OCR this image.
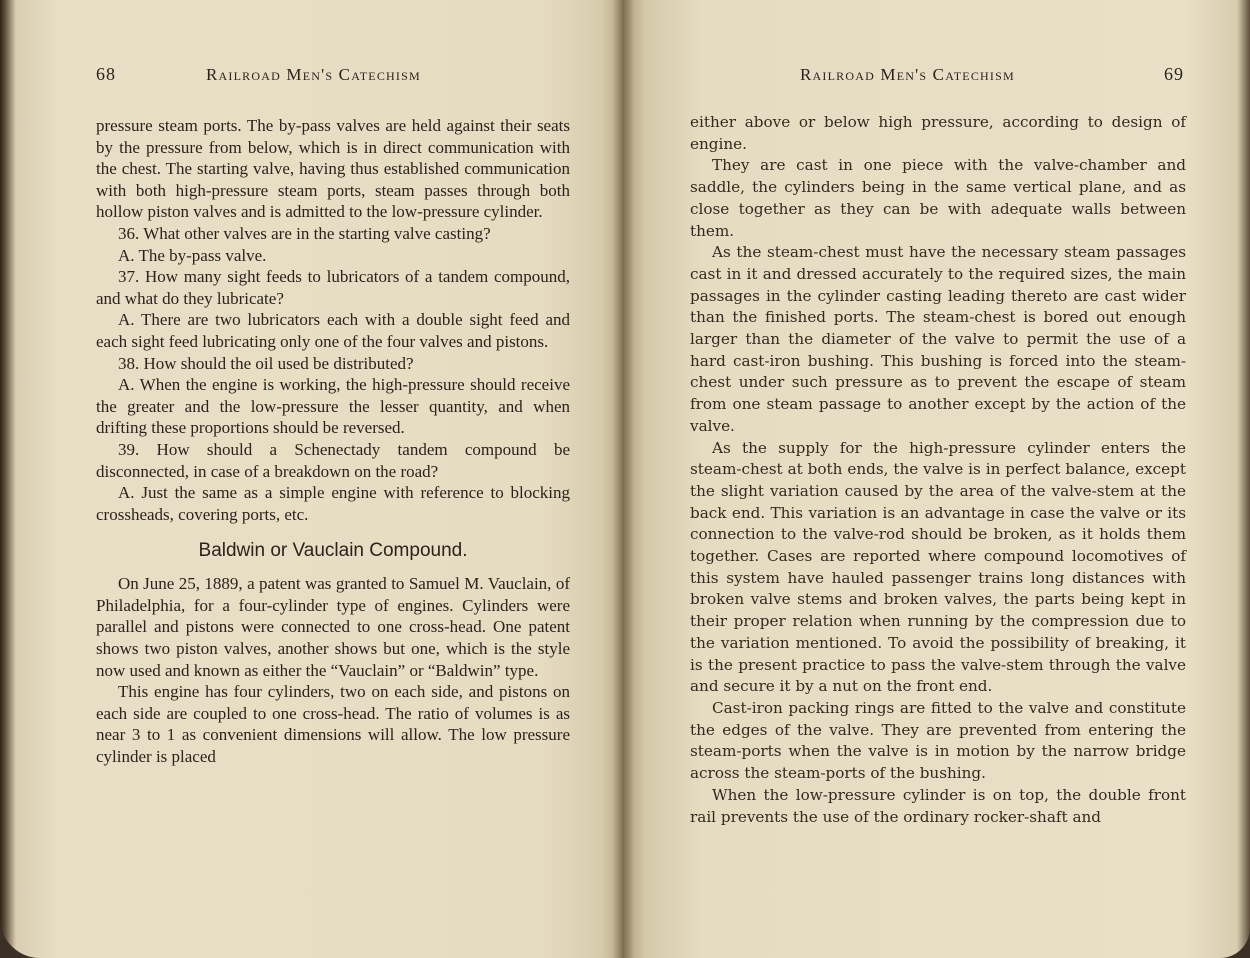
68	Railroad Men's Catechism

pressure steam ports. The by-pass valves are held against their seats by the pressure from below, which is in direct communication with the chest. The starting valve, having thus established communication with both high-pressure steam ports, steam passes through both hollow piston valves and is admitted to the low-pressure cylinder.

36. What other valves are in the starting valve casting?

A. The by-pass valve.

37. How many sight feeds to lubricators of a tandem compound, and what do they lubricate?

A. There are two lubricators each with a double sight feed and each sight feed lubricating only one of the four valves and pistons.

38. How should the oil used be distributed?

A. When the engine is working, the high-pressure should receive the greater and the low-pressure the lesser quantity, and when drifting these proportions should be reversed.

39. How should a Schenectady tandem compound be disconnected, in case of a breakdown on the road?

A. Just the same as a simple engine with reference to blocking crossheads, covering ports, etc.

Baldwin or Vauclain Compound.

On June 25, 1889, a patent was granted to Samuel M. Vauclain, of Philadelphia, for a four-cylinder type of engines. Cylinders were parallel and pistons were connected to one cross-head. One patent shows two piston valves, another shows but one, which is the style now used and known as either the “Vauclain” or “Baldwin” type.

This engine has four cylinders, two on each side, and pistons on each side are coupled to one cross-head. The ratio of volumes is as near 3 to 1 as convenient dimensions will allow. The low pressure cylinder is placed

Railroad Men's Catechism	69

either above or below high pressure, according to design of engine.

They are cast in one piece with the valve-chamber and saddle, the cylinders being in the same vertical plane, and as close together as they can be with adequate walls between them.

As the steam-chest must have the necessary steam passages cast in it and dressed accurately to the required sizes, the main passages in the cylinder casting leading thereto are cast wider than the finished ports. The steam-chest is bored out enough larger than the diameter of the valve to permit the use of a hard cast-iron bushing. This bushing is forced into the steam-chest under such pressure as to prevent the escape of steam from one steam passage to another except by the action of the valve.

As the supply for the high-pressure cylinder enters the steam-chest at both ends, the valve is in perfect balance, except the slight variation caused by the area of the valve-stem at the back end. This variation is an advantage in case the valve or its connection to the valve-rod should be broken, as it holds them together. Cases are reported where compound locomotives of this system have hauled passenger trains long distances with broken valve stems and broken valves, the parts being kept in their proper relation when running by the compression due to the variation mentioned. To avoid the possibility of breaking, it is the present practice to pass the valve-stem through the valve and secure it by a nut on the front end.

Cast-iron packing rings are fitted to the valve and constitute the edges of the valve. They are prevented from entering the steam-ports when the valve is in motion by the narrow bridge across the steam-ports of the bushing.

When the low-pressure cylinder is on top, the double front rail prevents the use of the ordinary rocker-shaft and
